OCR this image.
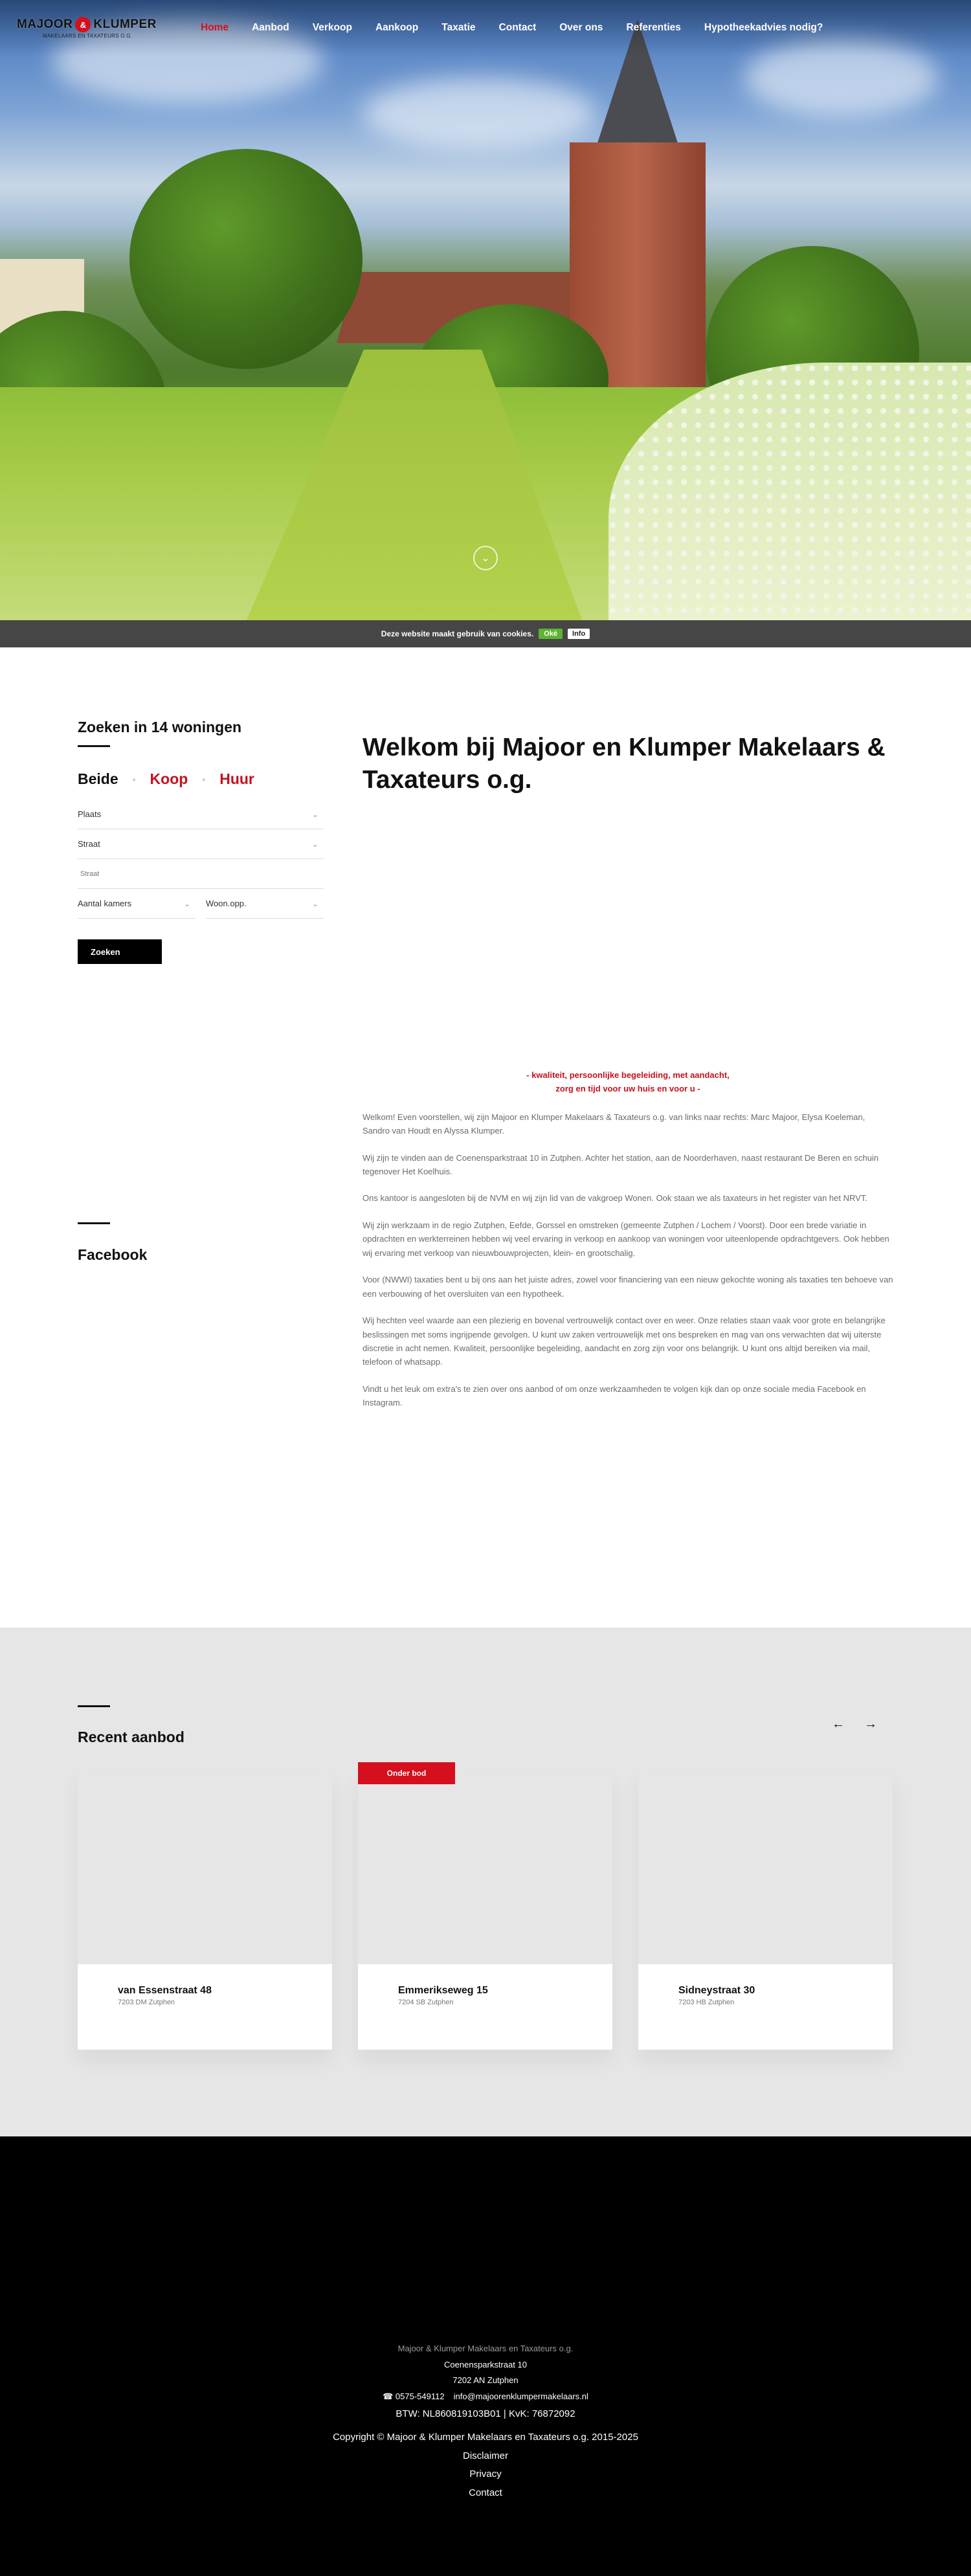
MAJOOR & KLUMPER
MAKELAARS EN TAXATEURS O.G.
Home	Aanbod	Verkoop	Aankoop	Taxatie	Contact	Over ons	Referenties	Hypotheekadvies nodig?
⌄
Deze website maakt gebruik van cookies.	Oké	Info
Zoeken in 14 woningen
Beide • Koop • Huur
Plaats	⌄
Straat	⌄
Straat
Aantal kamers	⌄ Woon.opp.	⌄
Zoeken
Facebook
Welkom bij Majoor en Klumper Makelaars & Taxateurs o.g.

- kwaliteit, persoonlijke begeleiding, met aandacht,
zorg en tijd voor uw huis en voor u -

Welkom! Even voorstellen, wij zijn Majoor en Klumper Makelaars & Taxateurs o.g. van links naar rechts: Marc Majoor, Elysa Koeleman, Sandro van Houdt en Alyssa Klumper.

Wij zijn te vinden aan de Coenensparkstraat 10 in Zutphen. Achter het station, aan de Noorderhaven, naast restaurant De Beren en schuin tegenover Het Koelhuis.

Ons kantoor is aangesloten bij de NVM en wij zijn lid van de vakgroep Wonen. Ook staan we als taxateurs in het register van het NRVT.

Wij zijn werkzaam in de regio Zutphen, Eefde, Gorssel en omstreken (gemeente Zutphen / Lochem / Voorst). Door een brede variatie in opdrachten en werkterreinen hebben wij veel ervaring in verkoop en aankoop van woningen voor uiteenlopende opdrachtgevers. Ook hebben wij ervaring met verkoop van nieuwbouwprojecten, klein- en grootschalig.

Voor (NWWI) taxaties bent u bij ons aan het juiste adres, zowel voor financiering van een nieuw gekochte woning als taxaties ten behoeve van een verbouwing of het oversluiten van een hypotheek.

Wij hechten veel waarde aan een plezierig en bovenal vertrouwelijk contact over en weer. Onze relaties staan vaak voor grote en belangrijke beslissingen met soms ingrijpende gevolgen. U kunt uw zaken vertrouwelijk met ons bespreken en mag van ons verwachten dat wij uiterste discretie in acht nemen. Kwaliteit, persoonlijke begeleiding, aandacht en zorg zijn voor ons belangrijk. U kunt ons altijd bereiken via mail, telefoon of whatsapp.

Vindt u het leuk om extra's te zien over ons aanbod of om onze werkzaamheden te volgen kijk dan op onze sociale media Facebook en Instagram.

Recent aanbod
← →
van Essenstraat 48
7203 DM Zutphen
Onder bod
Emmerikseweg 15
7204 SB Zutphen
Sidneystraat 30
7203 HB Zutphen
Majoor & Klumper Makelaars en Taxateurs o.g.
Coenensparkstraat 10
7202 AN Zutphen
☎ 0575-549112 info@majoorenklumpermakelaars.nl
BTW: NL860819103B01 | KvK: 76872092
Copyright © Majoor & Klumper Makelaars en Taxateurs o.g. 2015-2025
Disclaimer
Privacy
Contact
